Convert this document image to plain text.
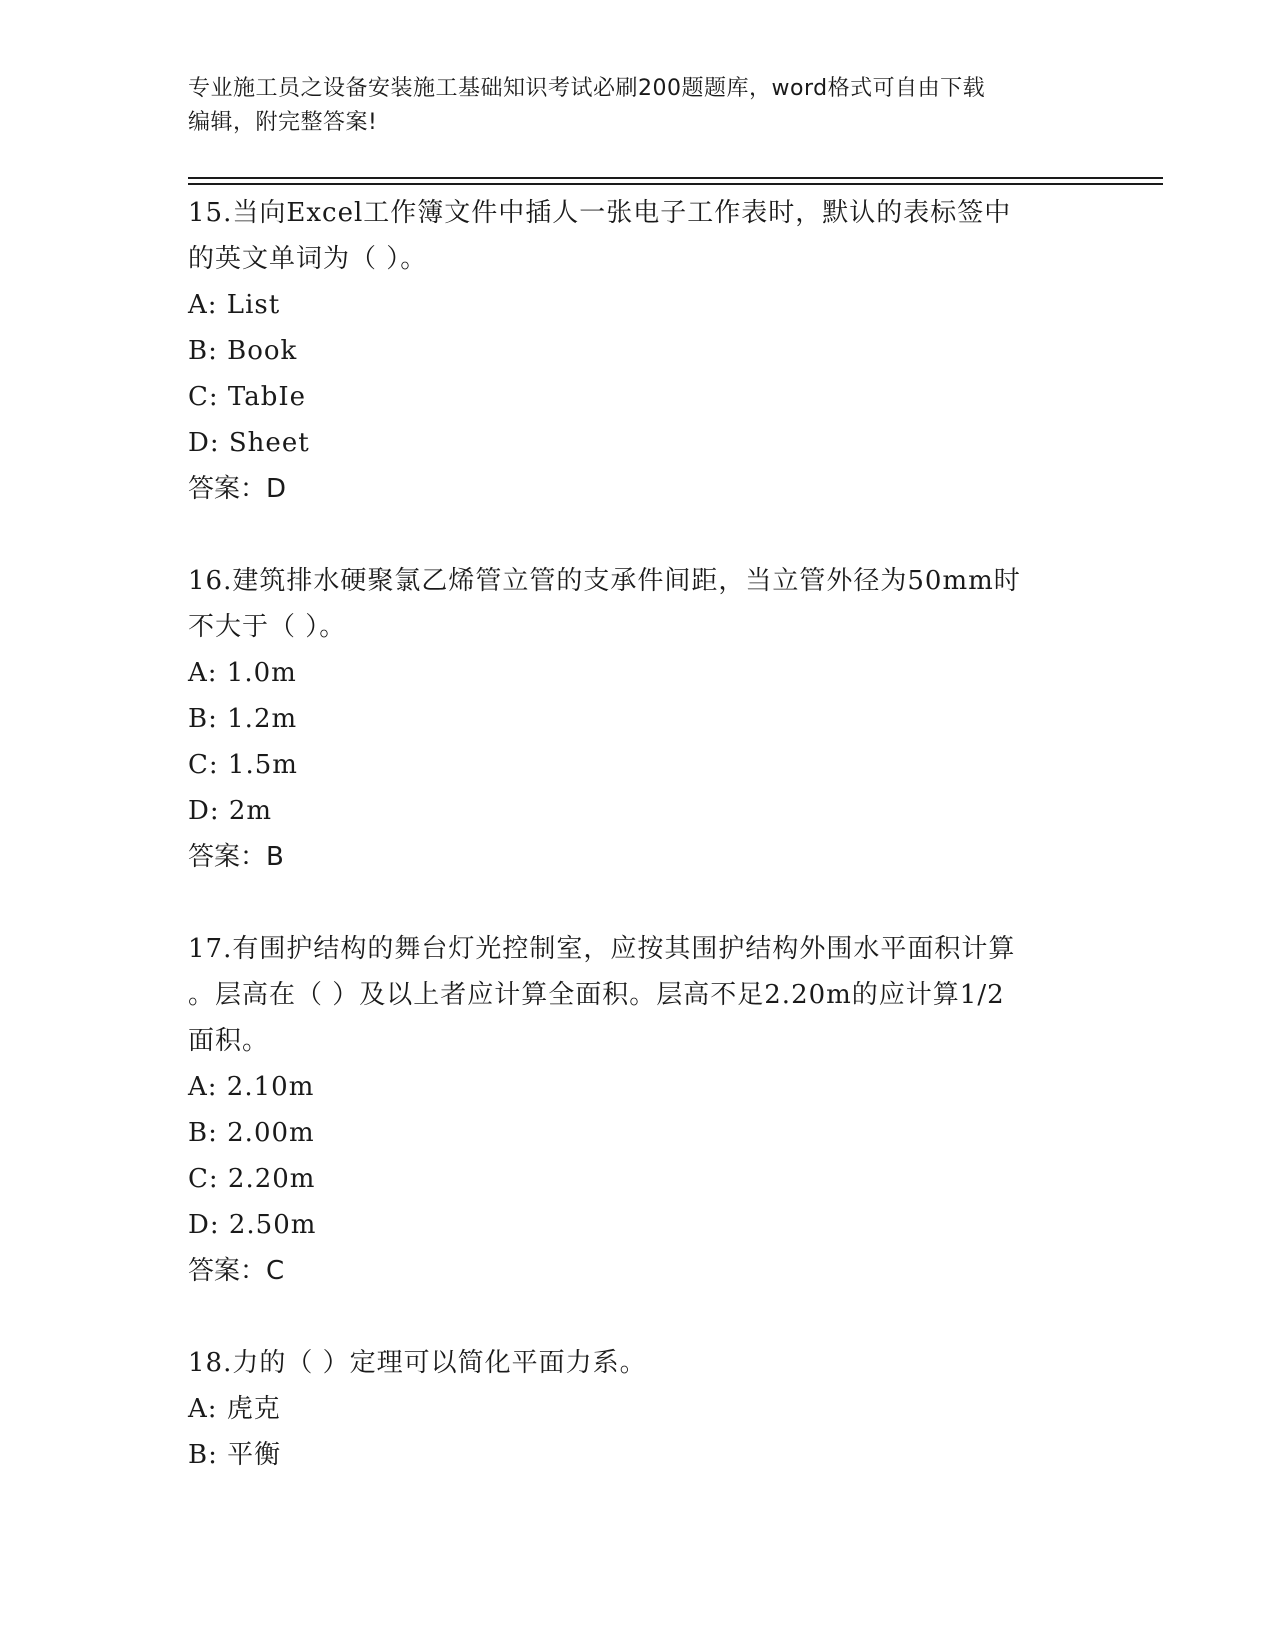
专业施工员之设备安装施工基础知识考试必刷200题题库，word格式可自由下载
编辑，附完整答案!

15.当向Excel工作簿文件中插人一张电子工作表时，默认的表标签中

的英文单词为（ ）。

A: List

B: Book

C: TabIe

D: Sheet

答案：D

16.建筑排水硬聚氯乙烯管立管的支承件间距，当立管外径为50mm时

不大于（ ）。

A: 1.0m

B: 1.2m

C: 1.5m

D: 2m

答案：B

17.有围护结构的舞台灯光控制室，应按其围护结构外围水平面积计算

。层高在（ ）及以上者应计算全面积。层高不足2.20m的应计算1/2

面积。

A: 2.10m

B: 2.00m

C: 2.20m

D: 2.50m

答案：C

18.力的（ ）定理可以简化平面力系。

A: 虎克

B: 平衡
